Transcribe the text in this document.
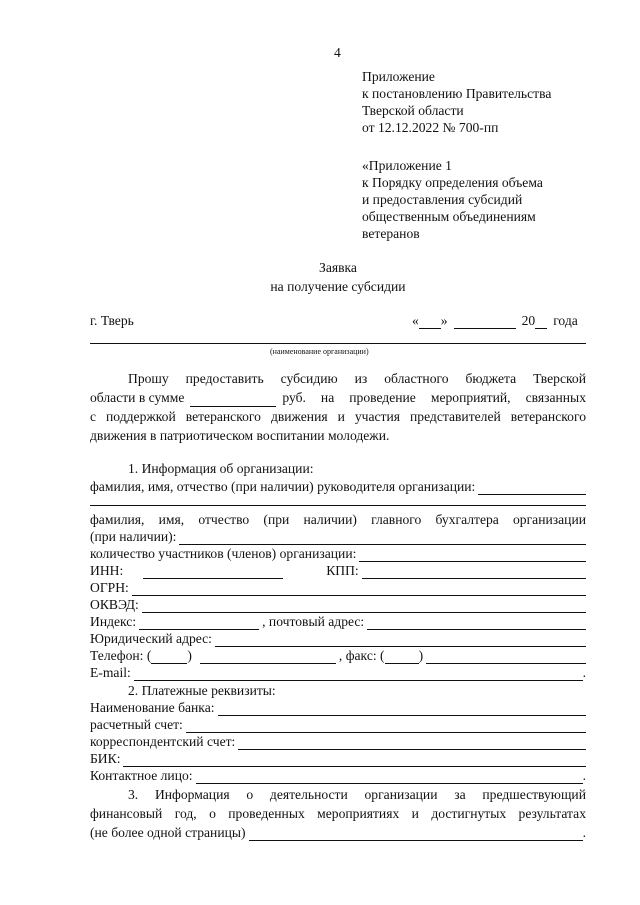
4
Приложение
к постановлению Правительства
Тверской области
от 12.12.2022 № 700-пп
«Приложение 1
к Порядку определения объема
и предоставления субсидий
общественным объединениям
ветеранов
Заявка
на получение субсидии
г. Тверь	« »	20 года
(наименование организации)
Прошу предоставить субсидию из областного бюджета Тверской
области в сумме	руб. на проведение мероприятий, связанных
с поддержкой ветеранского движения и участия представителей ветеранского
движения в патриотическом воспитании молодежи.
1. Информация об организации:
фамилия, имя, отчество (при наличии) руководителя организации:
фамилия, имя, отчество (при наличии) главного бухгалтера организации
(при наличии):
количество участников (членов) организации:
ИНН:	КПП:
ОГРН:
ОКВЭД:
Индекс:	, почтовый адрес:
Юридический адрес:
Телефон: (	)	, факс: (	)
E-mail:	.
2. Платежные реквизиты:
Наименование банка:
расчетный счет:
корреспондентский счет:
БИК:
Контактное лицо:	.
3. Информация о деятельности организации за предшествующий
финансовый год, о проведенных мероприятиях и достигнутых результатах
(не более одной страницы)	.
